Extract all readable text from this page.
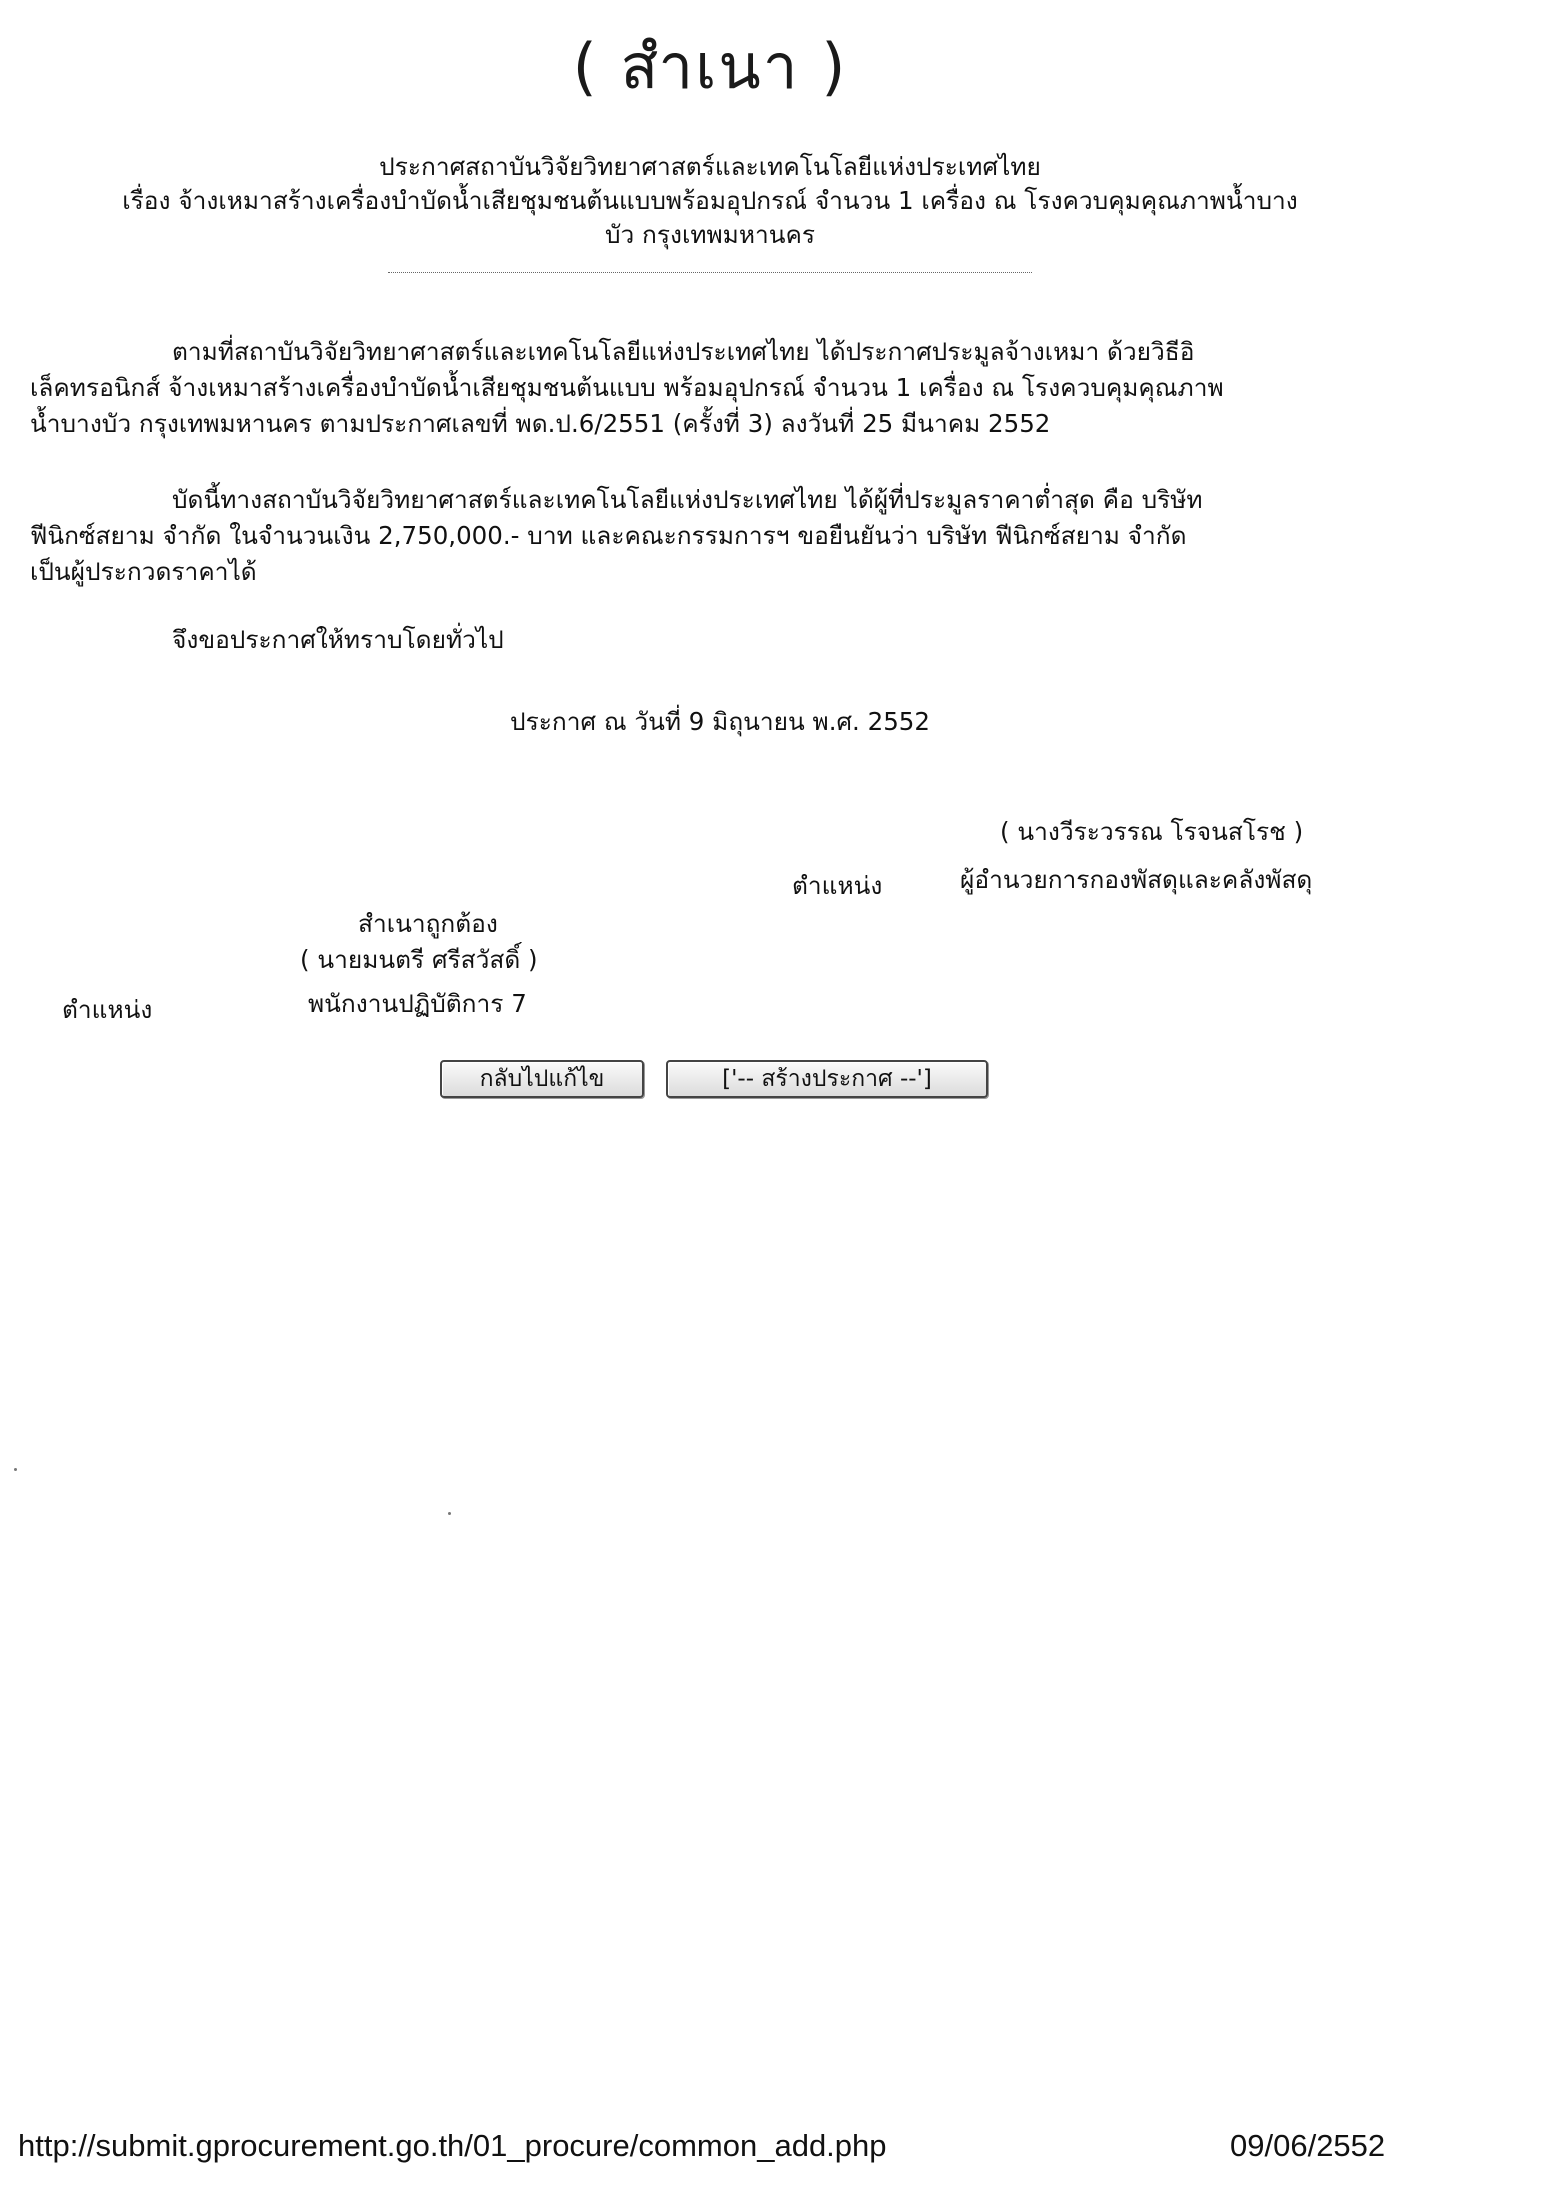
( สำเนา )
ประกาศสถาบันวิจัยวิทยาศาสตร์และเทคโนโลยีแห่งประเทศไทย
เรื่อง จ้างเหมาสร้างเครื่องบำบัดน้ำเสียชุมชนต้นแบบพร้อมอุปกรณ์ จำนวน 1 เครื่อง ณ โรงควบคุมคุณภาพน้ำบาง
บัว กรุงเทพมหานคร
ตามที่สถาบันวิจัยวิทยาศาสตร์และเทคโนโลยีแห่งประเทศไทย ได้ประกาศประมูลจ้างเหมา ด้วยวิธีอิ
เล็คทรอนิกส์ จ้างเหมาสร้างเครื่องบำบัดน้ำเสียชุมชนต้นแบบ พร้อมอุปกรณ์ จำนวน 1 เครื่อง ณ โรงควบคุมคุณภาพ
น้ำบางบัว กรุงเทพมหานคร ตามประกาศเลขที่ พด.ป.6/2551 (ครั้งที่ 3) ลงวันที่ 25 มีนาคม 2552
บัดนี้ทางสถาบันวิจัยวิทยาศาสตร์และเทคโนโลยีแห่งประเทศไทย ได้ผู้ที่ประมูลราคาต่ำสุด คือ บริษัท
ฟีนิกซ์สยาม จำกัด ในจำนวนเงิน 2,750,000.- บาท และคณะกรรมการฯ ขอยืนยันว่า บริษัท ฟีนิกซ์สยาม จำกัด
เป็นผู้ประกวดราคาได้
จึงขอประกาศให้ทราบโดยทั่วไป
ประกาศ ณ วันที่ 9 มิถุนายน พ.ศ. 2552
( นางวีระวรรณ โรจนสโรช )
ตำแหน่ง	ผู้อำนวยการกองพัสดุและคลังพัสดุ
สำเนาถูกต้อง
( นายมนตรี ศรีสวัสดิ์ )
ตำแหน่ง	พนักงานปฏิบัติการ 7
กลับไปแก้ไข	['-- สร้างประกาศ --']
http://submit.gprocurement.go.th/01_procure/common_add.php	09/06/2552
